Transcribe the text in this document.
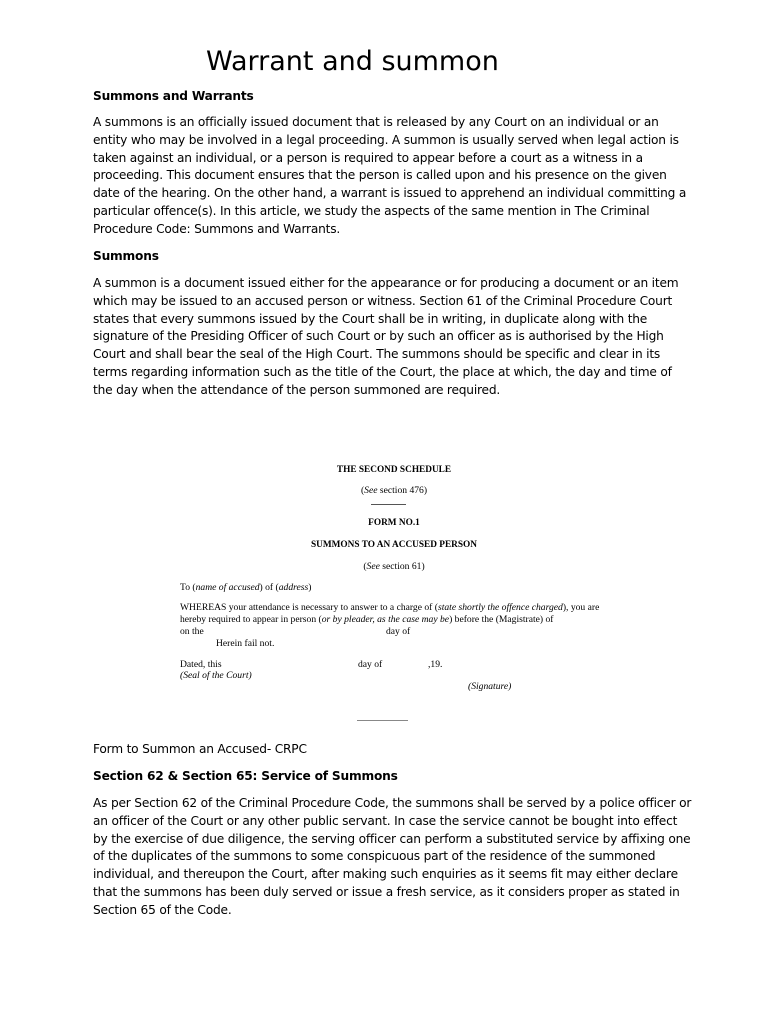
Warrant and summon
Summons and Warrants
A summons is an officially issued document that is released by any Court on an individual or an
entity who may be involved in a legal proceeding. A summon is usually served when legal action is
taken against an individual, or a person is required to appear before a court as a witness in a
proceeding. This document ensures that the person is called upon and his presence on the given
date of the hearing. On the other hand, a warrant is issued to apprehend an individual committing a
particular offence(s). In this article, we study the aspects of the same mention in The Criminal
Procedure Code: Summons and Warrants.
Summons
A summon is a document issued either for the appearance or for producing a document or an item
which may be issued to an accused person or witness. Section 61 of the Criminal Procedure Court
states that every summons issued by the Court shall be in writing, in duplicate along with the
signature of the Presiding Officer of such Court or by such an officer as is authorised by the High
Court and shall bear the seal of the High Court. The summons should be specific and clear in its
terms regarding information such as the title of the Court, the place at which, the day and time of
the day when the attendance of the person summoned are required.
THE SECOND SCHEDULE
(See section 476)
FORM NO.1
SUMMONS TO AN ACCUSED PERSON
(See section 61)
To (name of accused) of (address)
WHEREAS your attendance is necessary to answer to a charge of (state shortly the offence charged), you are
hereby required to appear in person (or by pleader, as the case may be) before the (Magistrate) of
on the	day of
Herein fail not.
Dated, this	day of	,19.
(Seal of the Court)
(Signature)
Form to Summon an Accused- CRPC
Section 62 & Section 65: Service of Summons
As per Section 62 of the Criminal Procedure Code, the summons shall be served by a police officer or
an officer of the Court or any other public servant. In case the service cannot be bought into effect
by the exercise of due diligence, the serving officer can perform a substituted service by affixing one
of the duplicates of the summons to some conspicuous part of the residence of the summoned
individual, and thereupon the Court, after making such enquiries as it seems fit may either declare
that the summons has been duly served or issue a fresh service, as it considers proper as stated in
Section 65 of the Code.
